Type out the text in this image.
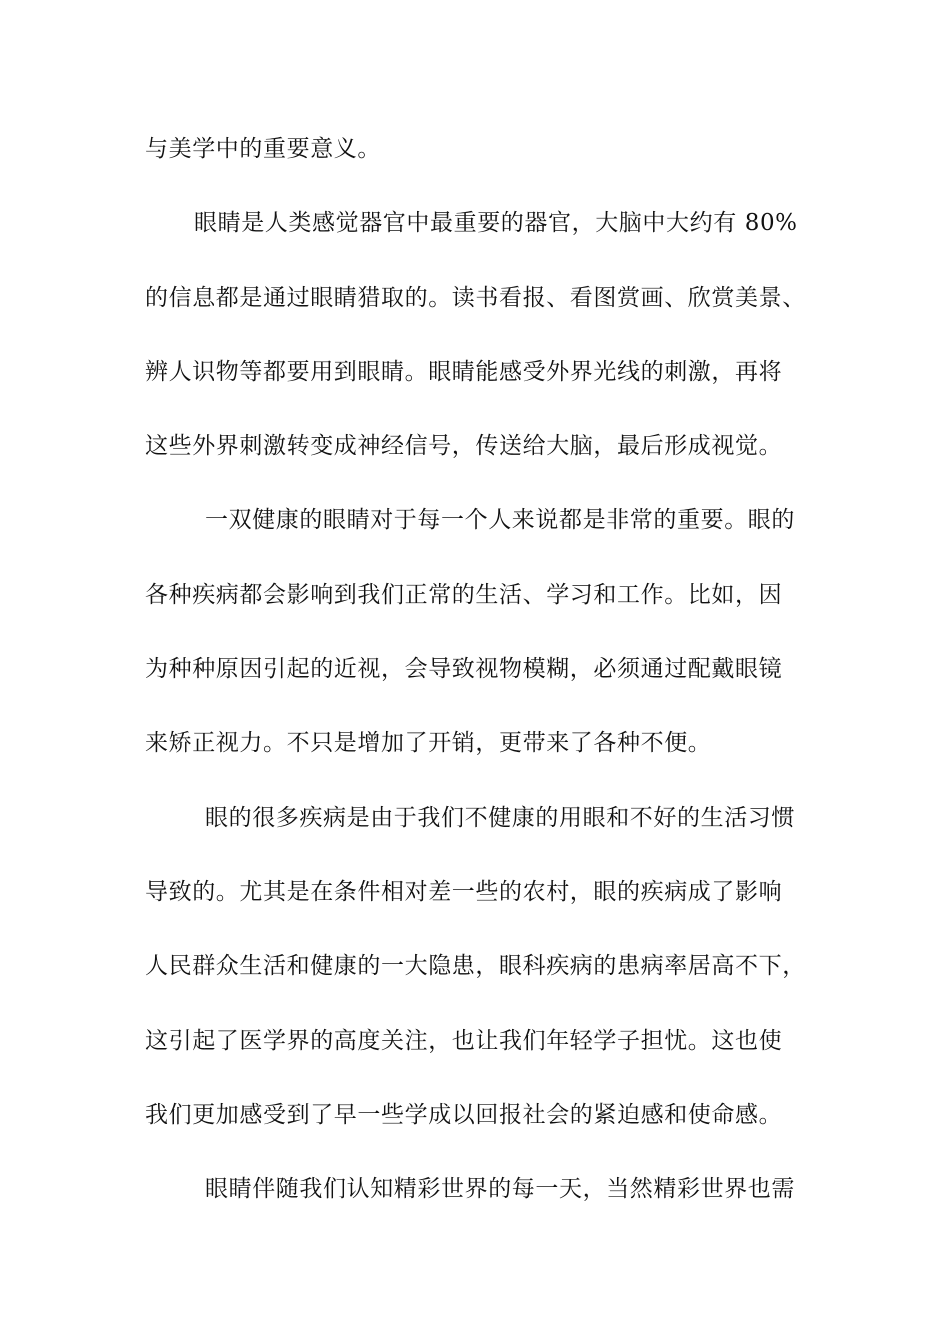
与美学中的重要意义。
眼睛是人类感觉器官中最重要的器官，大脑中大约有 80%
的信息都是通过眼睛猎取的。读书看报、看图赏画、欣赏美景、
辨人识物等都要用到眼睛。眼睛能感受外界光线的刺激，再将
这些外界刺激转变成神经信号，传送给大脑，最后形成视觉。
一双健康的眼睛对于每一个人来说都是非常的重要。眼的
各种疾病都会影响到我们正常的生活、学习和工作。比如，因
为种种原因引起的近视，会导致视物模糊，必须通过配戴眼镜
来矫正视力。不只是增加了开销，更带来了各种不便。
眼的很多疾病是由于我们不健康的用眼和不好的生活习惯
导致的。尤其是在条件相对差一些的农村，眼的疾病成了影响
人民群众生活和健康的一大隐患，眼科疾病的患病率居高不下，
这引起了医学界的高度关注，也让我们年轻学子担忧。这也使
我们更加感受到了早一些学成以回报社会的紧迫感和使命感。
眼睛伴随我们认知精彩世界的每一天，当然精彩世界也需
